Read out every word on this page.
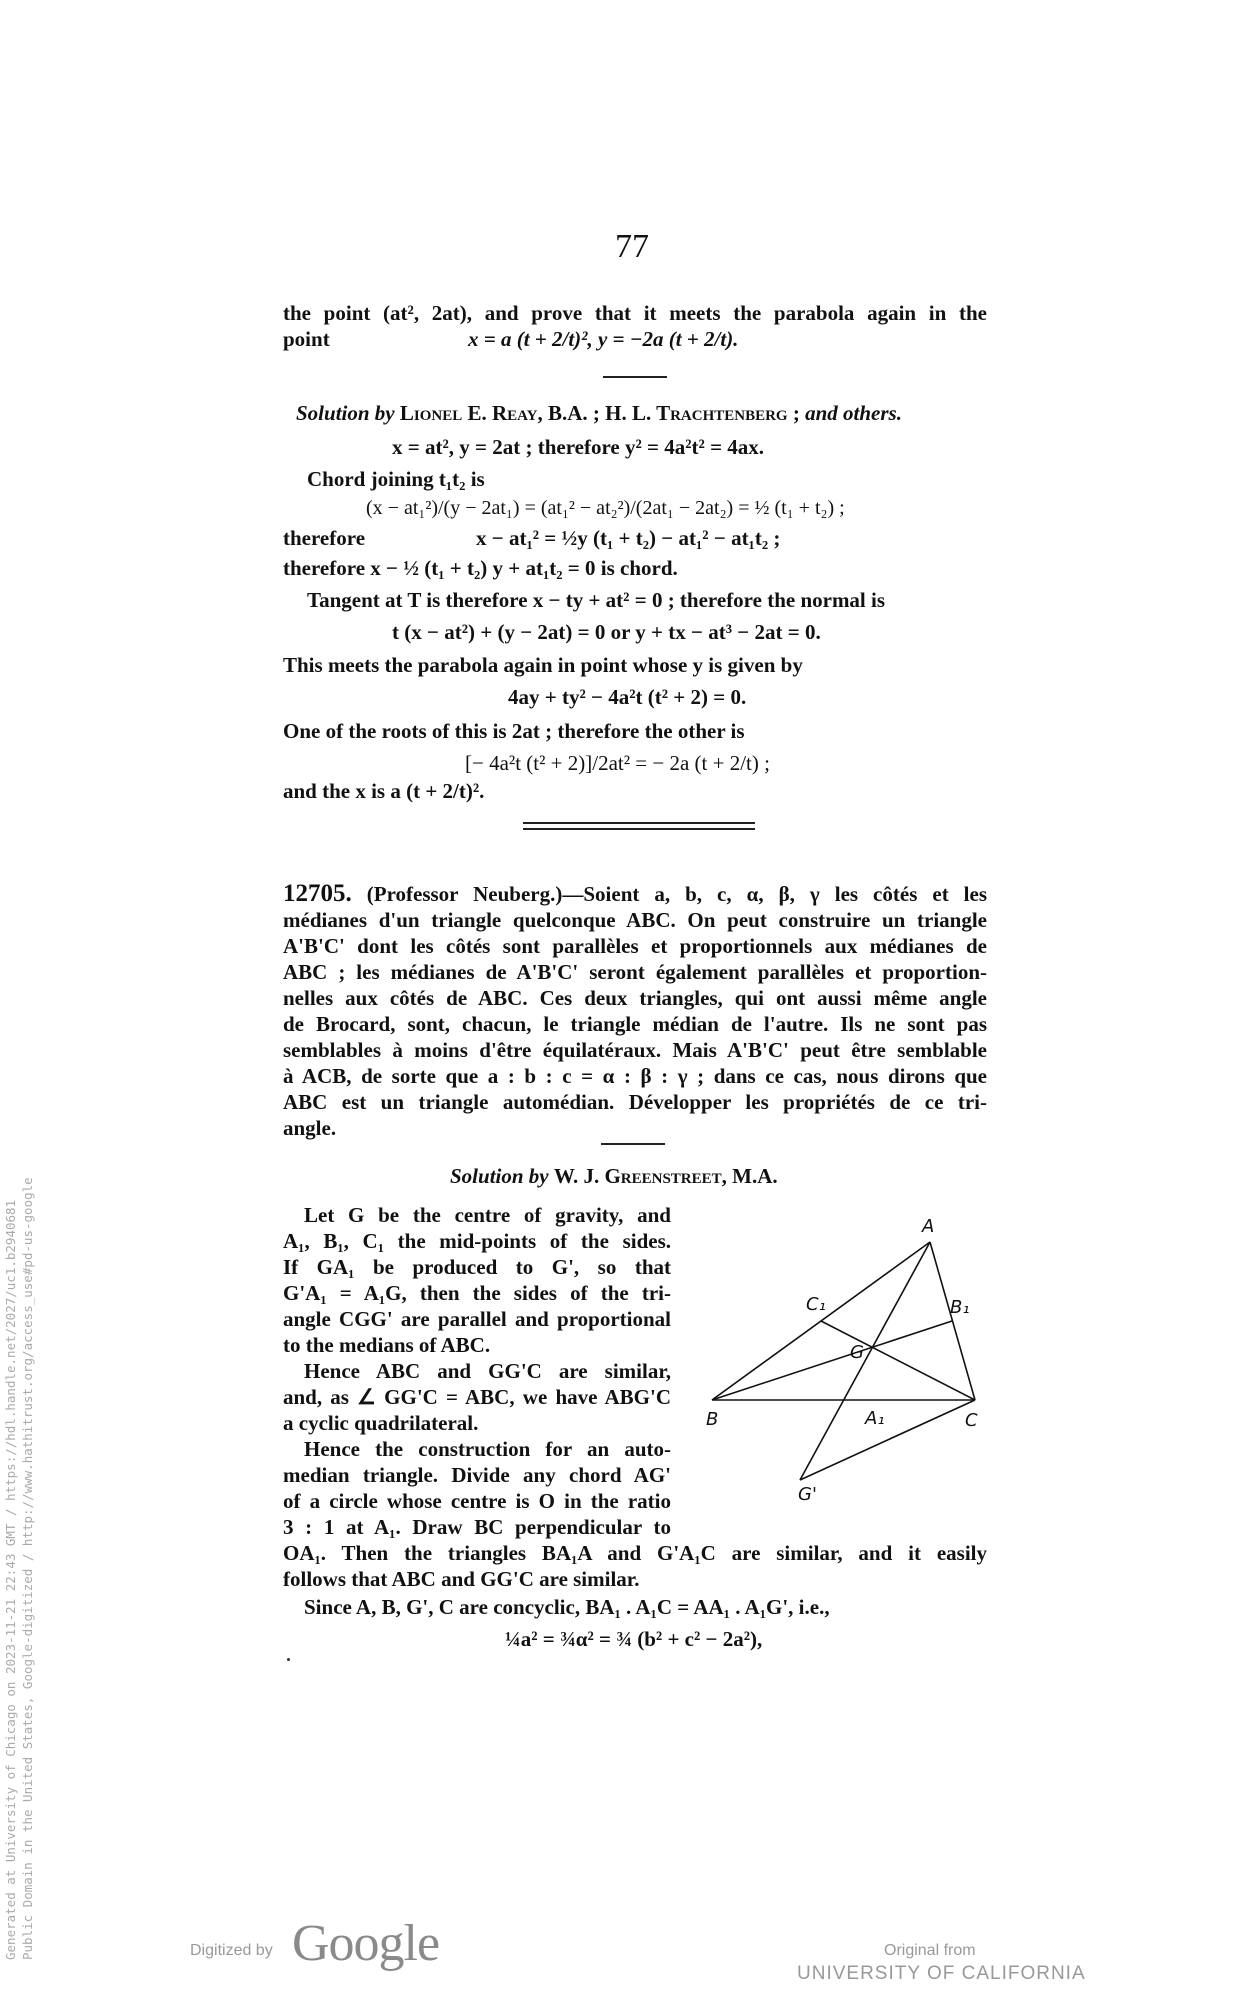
77
the point (at², 2at), and prove that it meets the parabola again in the
point	x = a (t + 2/t)², y = −2a (t + 2/t).
Solution by Lionel E. Reay, B.A. ; H. L. Trachtenberg ; and others.
x = at², y = 2at ; therefore y² = 4a²t² = 4ax.
Chord joining t₁t₂ is
(x − at₁²)/(y − 2at₁) = (at₁² − at₂²)/(2at₁ − 2at₂) = ½ (t₁ + t₂) ;
therefore	x − at₁² = ½y (t₁ + t₂) − at₁² − at₁t₂ ;
therefore x − ½ (t₁ + t₂) y + at₁t₂ = 0 is chord.
Tangent at T is therefore x − ty + at² = 0 ; therefore the normal is
t (x − at²) + (y − 2at) = 0 or y + tx − at³ − 2at = 0.
This meets the parabola again in point whose y is given by
4ay + ty² − 4a²t (t² + 2) = 0.
One of the roots of this is 2at ; therefore the other is
[− 4a²t (t² + 2)]/2at² = − 2a (t + 2/t) ;
and the x is a (t + 2/t)².
12705. (Professor Neuberg.)—Soient a, b, c, α, β, γ les côtés et les
médianes d'un triangle quelconque ABC. On peut construire un triangle
A'B'C' dont les côtés sont parallèles et proportionnels aux médianes de
ABC ; les médianes de A'B'C' seront également parallèles et proportion-
nelles aux côtés de ABC. Ces deux triangles, qui ont aussi même angle
de Brocard, sont, chacun, le triangle médian de l'autre. Ils ne sont pas
semblables à moins d'être équilatéraux. Mais A'B'C' peut être semblable
à ACB, de sorte que a : b : c = α : β : γ ; dans ce cas, nous dirons que
ABC est un triangle automédian. Développer les propriétés de ce tri-
angle.
Solution by W. J. Greenstreet, M.A.
Let G be the centre of gravity, and
A₁, B₁, C₁ the mid-points of the sides.
If GA₁ be produced to G', so that
G'A₁ = A₁G, then the sides of the tri-
angle CGG' are parallel and proportional
to the medians of ABC.
Hence ABC and GG'C are similar,
and, as ∠ GG'C = ABC, we have ABG'C
a cyclic quadrilateral.
Hence the construction for an auto-
median triangle. Divide any chord AG'
of a circle whose centre is O in the ratio
3 : 1 at A₁. Draw BC perpendicular to
OA₁. Then the triangles BA₁A and G'A₁C are similar, and it easily
follows that ABC and GG'C are similar.
Since A, B, G', C are concyclic, BA₁ . A₁C = AA₁ . A₁G', i.e.,
¼a² = ¾α² = ¾ (b² + c² − 2a²),
A
B	C
G
B₁
C₁
A₁
G'
Generated at University of Chicago on 2023-11-21 22:43 GMT / https://hdl.handle.net/2027/uc1.b2940681 Public Domain in the United States, Google-digitized / http://www.hathitrust.org/access_use#pd-us-google	Digitized by Google	Original from
UNIVERSITY OF CALIFORNIA
